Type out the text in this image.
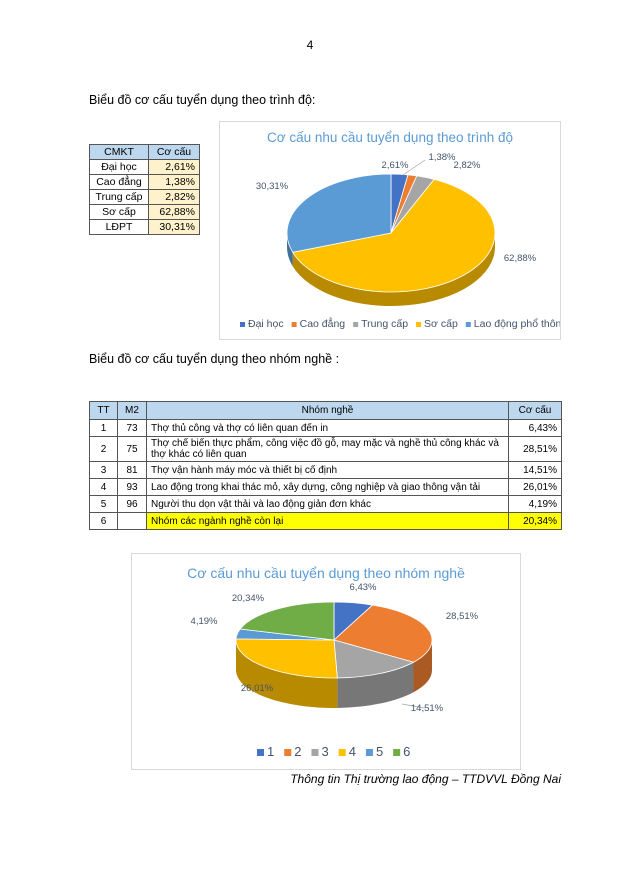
4
Biểu đồ cơ cấu tuyển dụng theo trình độ:
CMKT	Cơ cấu
Đại học	2,61%
Cao đẳng	1,38%
Trung cấp	2,82%
Sơ cấp	62,88%
LĐPT	30,31%
Cơ cấu nhu cầu tuyển dụng theo trình độ
2,61%
1,38%
2,82%
62,88%
30,31%
Đại học Cao đẳng Trung cấp Sơ cấp Lao động phổ thông
Biểu đồ cơ cấu tuyển dụng theo nhóm nghề :
TT	M2	Nhóm nghề	Cơ cấu
1	73	Thợ thủ công và thợ có liên quan đến in	6,43%
2	75	Thợ chế biến thực phẩm, công việc đồ gỗ, may mặc và nghề thủ công khác và thợ khác có liên quan	28,51%
3	81	Thợ vận hành máy móc và thiết bị cố định	14,51%
4	93	Lao động trong khai thác mỏ, xây dựng, công nghiệp và giao thông vận tải	26,01%
5	96	Người thu dọn vật thải và lao động giản đơn khác	4,19%
6		Nhóm các ngành nghề còn lại	20,34%
Cơ cấu nhu cầu tuyển dụng theo nhóm nghề
6,43%
28,51%
14,51%
26,01%
4,19%
20,34%
1 2 3 4 5 6
Thông tin Thị trường lao động – TTDVVL Đồng Nai
